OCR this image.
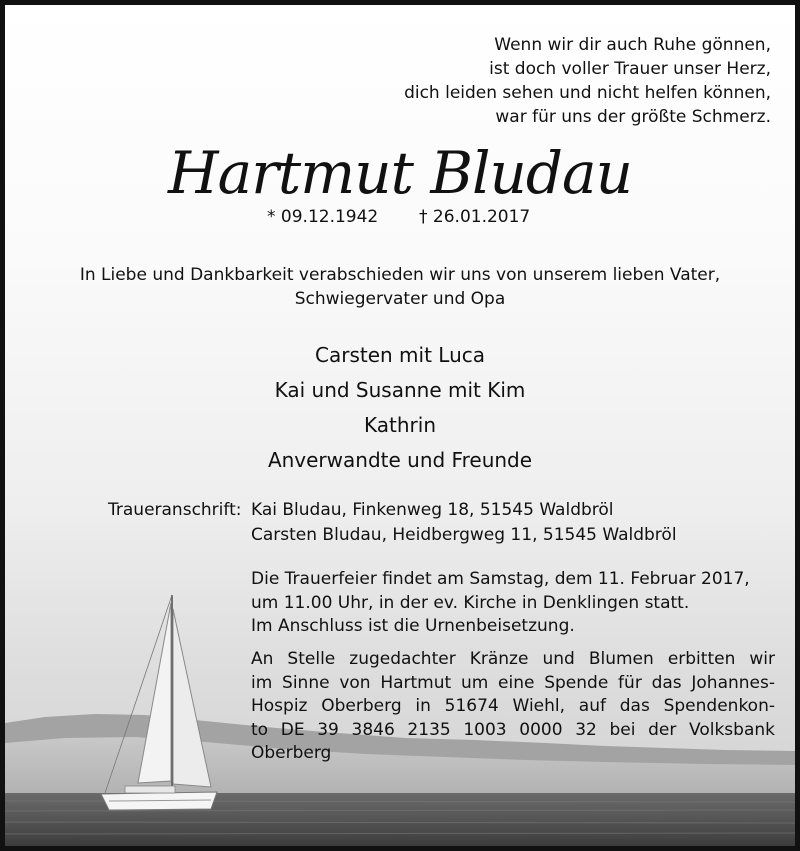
Wenn wir dir auch Ruhe gönnen,
ist doch voller Trauer unser Herz,
dich leiden sehen und nicht helfen können,
war für uns der größte Schmerz.
Hartmut Bludau
* 09.12.1942 † 26.01.2017
In Liebe und Dankbarkeit verabschieden wir uns von unserem lieben Vater,
Schwiegervater und Opa
Carsten mit Luca
Kai und Susanne mit Kim
Kathrin
Anverwandte und Freunde
Traueranschrift: Kai Bludau, Finkenweg 18, 51545 Waldbröl
Carsten Bludau, Heidbergweg 11, 51545 Waldbröl
Die Trauerfeier findet am Samstag, dem 11. Februar 2017,
um 11.00 Uhr, in der ev. Kirche in Denklingen statt.
Im Anschluss ist die Urnenbeisetzung.
An Stelle zugedachter Kränze und Blumen erbitten wir
im Sinne von Hartmut um eine Spende für das Johannes-
Hospiz Oberberg in 51674 Wiehl, auf das Spendenkon-
to DE 39 3846 2135 1003 0000 32 bei der Volksbank
Oberberg
